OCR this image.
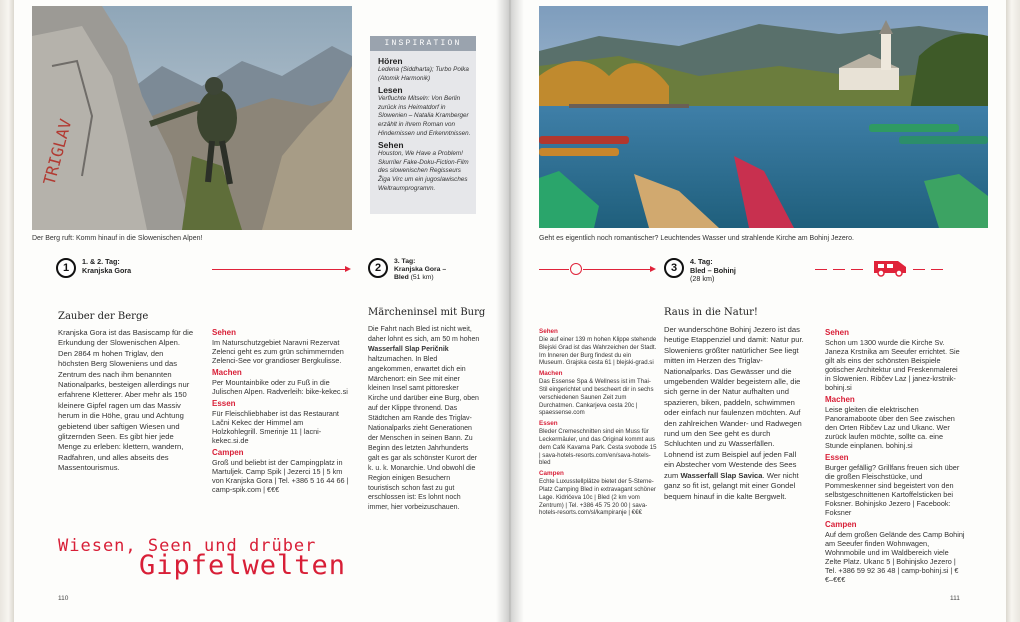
TRIGLAV
Der Berg ruft: Komm hinauf in die Slowenischen Alpen!
INSPIRATION
Hören

Ledena (Siddharta); Turbo Polka (Atomik Harmonik)

Lesen

Verfluchte Mitseln: Von Berlin zurück ins Heimatdorf in Slowenien – Natalia Kramberger erzählt in ihrem Roman von Hindernissen und Erkenntnissen.

Sehen

Houston, We Have a Problem! Skurriler Fake-Doku-Fiction-Film des slowenischen Regisseurs Žiga Virc um ein jugoslawisches Weltraumprogramm.

1
1. & 2. Tag:
Kranjska Gora	2
3. Tag:
Kranjska Gora –
Bled (51 km)
Zauber der Berge
Kranjska Gora ist das Basiscamp für die Erkundung der Slowenischen Alpen. Den 2864 m hohen Triglav, den höchsten Berg Sloweniens und das Zentrum des nach ihm benannten Nationalparks, besteigen allerdings nur erfahrene Kletterer. Aber mehr als 150 kleinere Gipfel ragen um das Massiv herum in die Höhe, grau und Achtung gebietend über saftigen Wiesen und glitzernden Seen. Es gibt hier jede Menge zu erleben: klettern, wandern, Radfahren, und alles abseits des Massentourismus.
Sehen
Im Naturschutzgebiet Naravni Rezervat Zelenci geht es zum grün schimmernden Zelenci-See vor grandioser Bergkulisse.
Machen
Per Mountainbike oder zu Fuß in die Julischen Alpen. Radverleih: bike-kekec.si
Essen
Für Fleischliebhaber ist das Restaurant Lačni Kekec der Himmel am Holzkohlegrill. Smerinje 11 | lacni-kekec.si.de
Campen
Groß und beliebt ist der Campingplatz in Martuljek. Camp Spik | Jezerci 15 | 5 km von Kranjska Gora | Tel. +386 5 16 44 66 | camp-spik.com | €€€
Märcheninsel mit Burg
Die Fahrt nach Bled ist nicht weit, daher lohnt es sich, am 50 m hohen Wasserfall Slap Peričnik haltzumachen. In Bled angekommen, erwartet dich ein Märchenort: ein See mit einer kleinen Insel samt pittoresker Kirche und darüber eine Burg, oben auf der Klippe thronend. Das Städtchen am Rande des Triglav-Nationalparks zieht Generationen der Menschen in seinen Bann. Zu Beginn des letzten Jahrhunderts galt es gar als schönster Kurort der k. u. k. Monarchie. Und obwohl die Region einigen Besuchern touristisch schon fast zu gut erschlossen ist: Es lohnt noch immer, hier vorbeizuschauen.
Wiesen, Seen und drüber
Gipfelwelten
110
Geht es eigentlich noch romantischer? Leuchtendes Wasser und strahlende Kirche am Bohinj Jezero.
3
4. Tag:
Bled – Bohinj
(28 km)
Sehen
Die auf einer 139 m hohen Klippe stehende Blejski Grad ist das Wahrzeichen der Stadt. Im Inneren der Burg findest du ein Museum. Grajska cesta 61 | blejski-grad.si
Machen
Das Essense Spa & Wellness ist im Thai-Stil eingerichtet und bescheert dir in sechs verschiedenen Saunen Zeit zum Durchatmen. Cankarjeva cesta 20c | spaessense.com
Essen
Bleder Cremeschnitten sind ein Muss für Leckermäuler, und das Original kommt aus dem Café Kavarna Park. Cesta svobode 15 | sava-hotels-resorts.com/en/sava-hotels-bled
Campen
Echte Luxusstellplätze bietet der 5-Sterne-Platz Camping Bled in extravagant schöner Lage. Kidričeva 10c | Bled (2 km vom Zentrum) | Tel. +386 45 75 20 00 | sava-hotels-resorts.com/sl/kampiranje | €€€
Raus in die Natur!
Der wunderschöne Bohinj Jezero ist das heutige Etappenziel und damit: Natur pur. Sloweniens größter natürlicher See liegt mitten im Herzen des Triglav-Nationalparks. Das Gewässer und die umgebenden Wälder begeistern alle, die sich gerne in der Natur aufhalten und spazieren, biken, paddeln, schwimmen oder einfach nur faulenzen möchten. Auf den zahlreichen Wander- und Radwegen rund um den See geht es durch Schluchten und zu Wasserfällen. Lohnend ist zum Beispiel auf jeden Fall ein Abstecher vom Westende des Sees zum Wasserfall Slap Savica. Wer nicht ganz so fit ist, gelangt mit einer Gondel bequem hinauf in die kalte Bergwelt.
Sehen
Schon um 1300 wurde die Kirche Sv. Janeza Krstnika am Seeufer errichtet. Sie gilt als eins der schönsten Beispiele gotischer Architektur und Freskenmalerei in Slowenien. Ribčev Laz | janez-krstnik-bohinj.si
Machen
Leise gleiten die elektrischen Panoramaboote über den See zwischen den Orten Ribčev Laz und Ukanc. Wer zurück laufen möchte, sollte ca. eine Stunde einplanen. bohinj.si
Essen
Burger gefällig? Grillfans freuen sich über die großen Fleischstücke, und Pommeskenner sind begeistert von den selbstgeschnittenen Kartoffelsticken bei Foksner. Bohinjsko Jezero | Facebook: Foksner
Campen
Auf dem großen Gelände des Camp Bohinj am Seeufer finden Wohnwagen, Wohnmobile und im Waldbereich viele Zelte Platz. Ukanc 5 | Bohinjsko Jezero | Tel. +386 59 92 36 48 | camp-bohinj.si | €€–€€€
111
